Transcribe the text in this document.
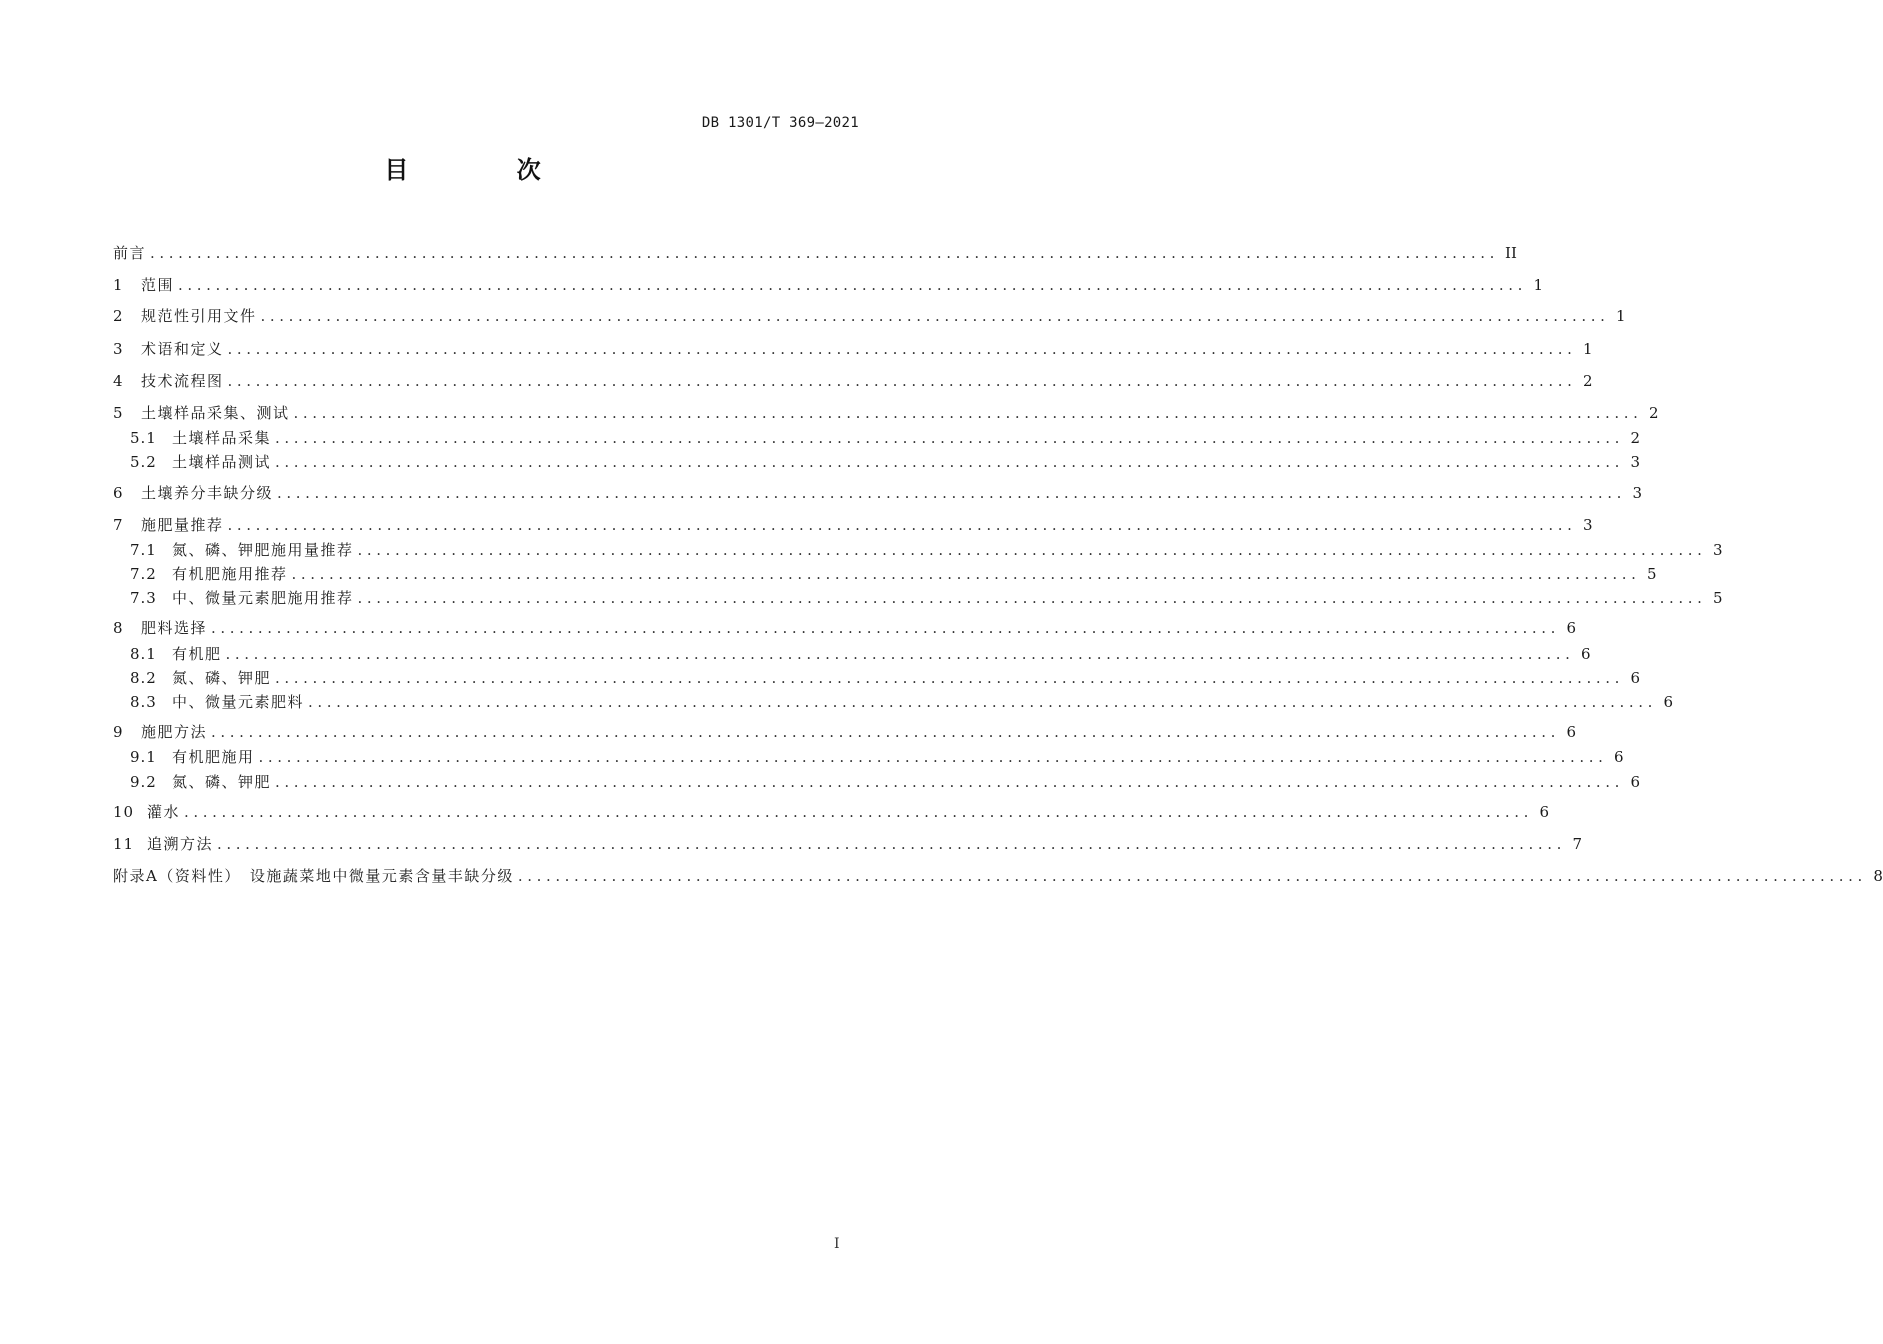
DB 1301/T 369—2021
目 次
前言 ................................................................................................................................................ II
1	范围 ................................................................................................................................................ 1
2	规范性引用文件 ................................................................................................................................................ 1
3	术语和定义 ................................................................................................................................................ 1
4	技术流程图 ................................................................................................................................................ 2
5	土壤样品采集、测试 ................................................................................................................................................ 2
5.1	土壤样品采集 ................................................................................................................................................ 2
5.2	土壤样品测试 ................................................................................................................................................ 3
6	土壤养分丰缺分级 ................................................................................................................................................ 3
7	施肥量推荐 ................................................................................................................................................ 3
7.1	氮、磷、钾肥施用量推荐 ................................................................................................................................................ 3
7.2	有机肥施用推荐 ................................................................................................................................................ 5
7.3	中、微量元素肥施用推荐 ................................................................................................................................................ 5
8	肥料选择 ................................................................................................................................................ 6
8.1	有机肥 ................................................................................................................................................ 6
8.2	氮、磷、钾肥 ................................................................................................................................................ 6
8.3	中、微量元素肥料 ................................................................................................................................................ 6
9	施肥方法 ................................................................................................................................................ 6
9.1	有机肥施用 ................................................................................................................................................ 6
9.2	氮、磷、钾肥 ................................................................................................................................................ 6
10 灌水 ................................................................................................................................................ 6
11 追溯方法 ................................................................................................................................................ 7
附录A（资料性）　设施蔬菜地中微量元素含量丰缺分级 ................................................................................................................................................ 8
I
